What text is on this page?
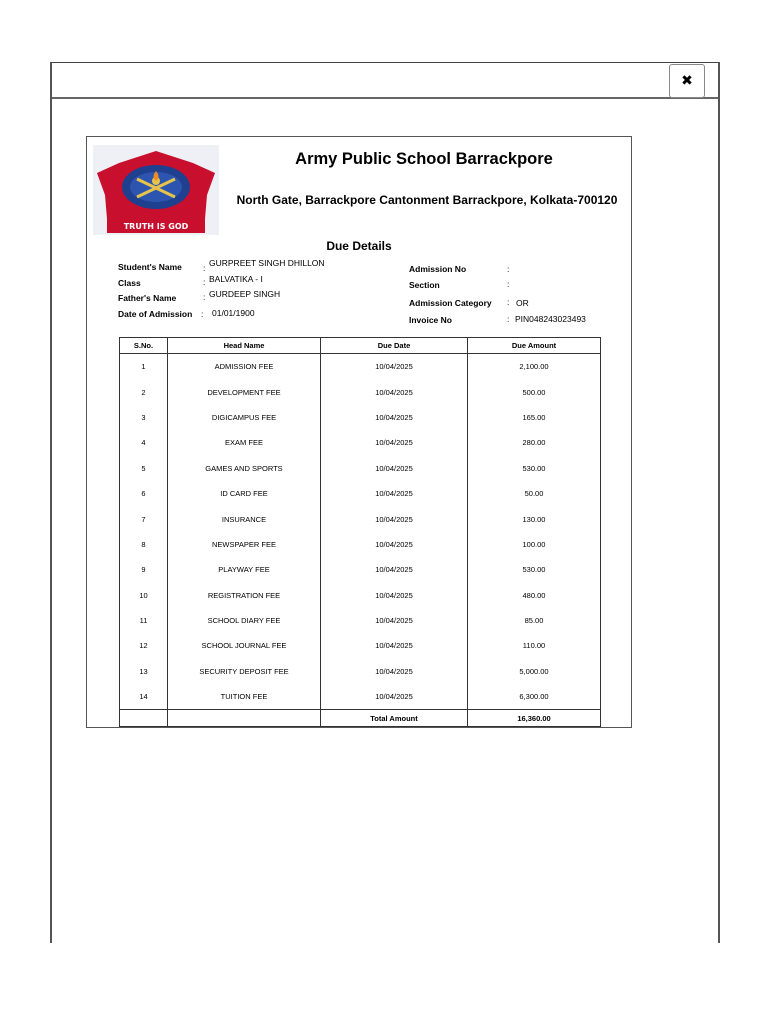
✖
TRUTH IS GOD
Army Public School Barrackpore
North Gate, Barrackpore Cantonment Barrackpore, Kolkata-700120
Due Details
Student's Name : GURPREET SINGH DHILLON
Class	: BALVATIKA - I
Father's Name	: GURDEEP SINGH
Date of Admission : 01/01/1900
Admission No	:
Section	:
Admission Category : OR
Invoice No	: PIN048243023493
S.No.	Head Name	Due Date	Due Amount
1	ADMISSION FEE	10/04/2025	2,100.00
2	DEVELOPMENT FEE	10/04/2025	500.00
3	DIGICAMPUS FEE	10/04/2025	165.00
4	EXAM FEE	10/04/2025	280.00
5	GAMES AND SPORTS	10/04/2025	530.00
6	ID CARD FEE	10/04/2025	50.00
7	INSURANCE	10/04/2025	130.00
8	NEWSPAPER FEE	10/04/2025	100.00
9	PLAYWAY FEE	10/04/2025	530.00
10	REGISTRATION FEE	10/04/2025	480.00
11	SCHOOL DIARY FEE	10/04/2025	85.00
12	SCHOOL JOURNAL FEE	10/04/2025	110.00
13	SECURITY DEPOSIT FEE	10/04/2025	5,000.00
14	TUITION FEE	10/04/2025	6,300.00
		Total Amount	16,360.00
